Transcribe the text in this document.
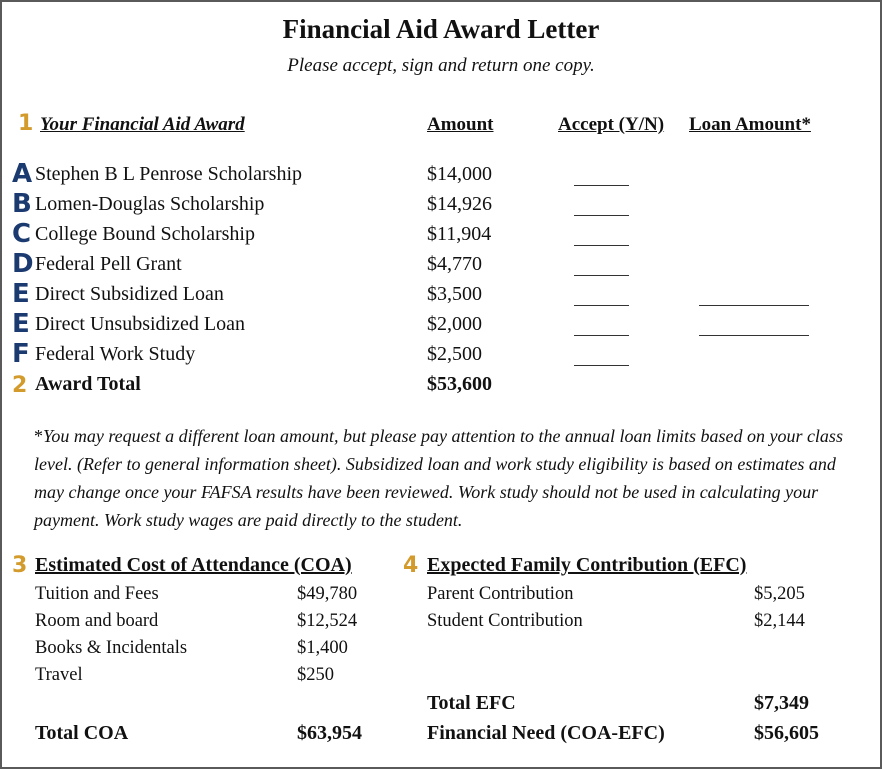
Financial Aid Award Letter
Please accept, sign and return one copy.
1 Your Financial Aid Award	Amount	Accept (Y/N) Loan Amount*
A Stephen B L Penrose Scholarship	$14,000
B Lomen-Douglas Scholarship	$14,926
C College Bound Scholarship	$11,904
D Federal Pell Grant	$4,770
E Direct Subsidized Loan	$3,500
E Direct Unsubsidized Loan	$2,000
F Federal Work Study	$2,500
2 Award Total	$53,600
*You may request a different loan amount, but please pay attention to the annual loan limits based on your class level. (Refer to general information sheet). Subsidized loan and work study eligibility is based on estimates and may change once your FAFSA results have been reviewed. Work study should not be used in calculating your payment. Work study wages are paid directly to the student.
3 Estimated Cost of Attendance (COA)
Tuition and Fees	$49,780
Room and board	$12,524
Books & Incidentals	$1,400
Travel	$250
Total COA	$63,954
4 Expected Family Contribution (EFC)
Parent Contribution	$5,205
Student Contribution	$2,144
Total EFC	$7,349
Financial Need (COA-EFC)	$56,605
